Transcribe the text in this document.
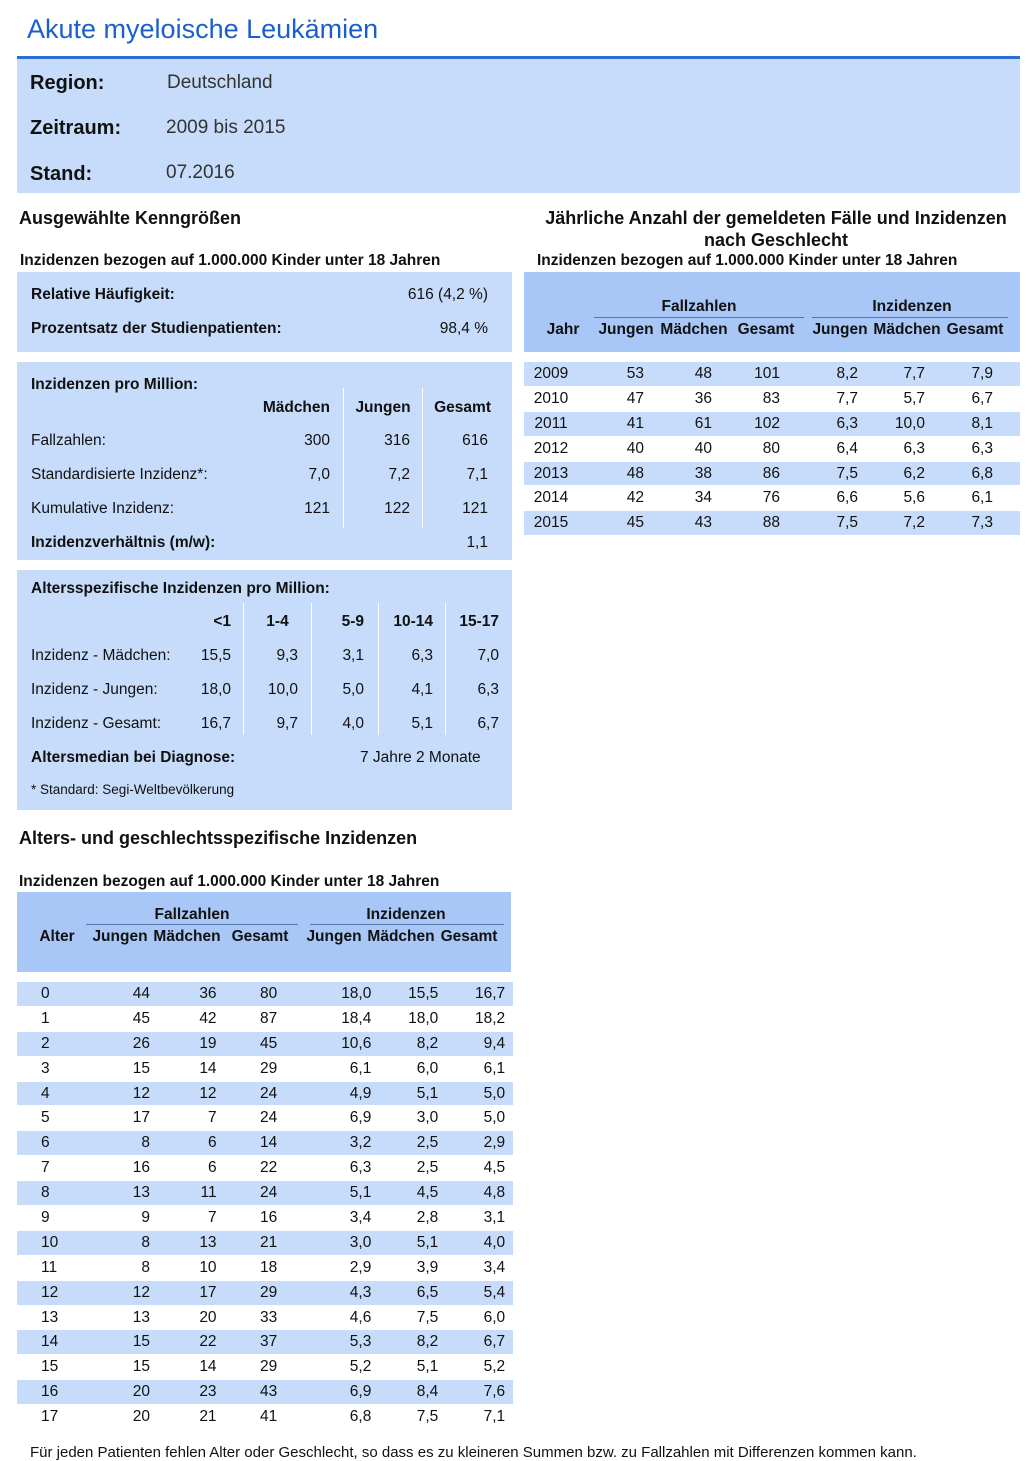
Akute myeloische Leukämien
Region:	Deutschland
Zeitraum: 2009 bis 2015
Stand:	07.2016
Ausgewählte Kenngrößen
Inzidenzen bezogen auf 1.000.000 Kinder unter 18 Jahren
Relative Häufigkeit:	616 (4,2 %)
Prozentsatz der Studienpatienten:	98,4 %
Inzidenzen pro Million:
Mädchen	Jungen	Gesamt
Fallzahlen:	300	316	616
Standardisierte Inzidenz*:	7,0	7,2	7,1
Kumulative Inzidenz:	121	122	121
Inzidenzverhältnis (m/w):	1,1
Altersspezifische Inzidenzen pro Million:
<1	1-4	5-9	10-14	15-17
Inzidenz - Mädchen:	15,5	9,3	3,1	6,3	7,0
Inzidenz - Jungen:	18,0	10,0	5,0	4,1	6,3
Inzidenz - Gesamt:	16,7	9,7	4,0	5,1	6,7
Altersmedian bei Diagnose:	7 Jahre 2 Monate
* Standard: Segi-Weltbevölkerung
Jährliche Anzahl der gemeldeten Fälle und Inzidenzen
nach Geschlecht
Inzidenzen bezogen auf 1.000.000 Kinder unter 18 Jahren
Fallzahlen	Inzidenzen
Jahr	Jungen Mädchen Gesamt	Jungen Mädchen Gesamt
2009	53	48	101	8,2	7,7	7,9	
2010	47	36	83	7,7	5,7	6,7	
2011	41	61	102	6,3	10,0	8,1	
2012	40	40	80	6,4	6,3	6,3	
2013	48	38	86	7,5	6,2	6,8	
2014	42	34	76	6,6	5,6	6,1	
2015	45	43	88	7,5	7,2	7,3	
Alters- und geschlechtsspezifische Inzidenzen
Inzidenzen bezogen auf 1.000.000 Kinder unter 18 Jahren
Fallzahlen	Inzidenzen
Alter	Jungen Mädchen Gesamt	Jungen Mädchen Gesamt
0	44	36	80	18,0	15,5	16,7	
1	45	42	87	18,4	18,0	18,2	
2	26	19	45	10,6	8,2	9,4	
3	15	14	29	6,1	6,0	6,1	
4	12	12	24	4,9	5,1	5,0	
5	17	7	24	6,9	3,0	5,0	
6	8	6	14	3,2	2,5	2,9	
7	16	6	22	6,3	2,5	4,5	
8	13	11	24	5,1	4,5	4,8	
9	9	7	16	3,4	2,8	3,1	
10	8	13	21	3,0	5,1	4,0	
11	8	10	18	2,9	3,9	3,4	
12	12	17	29	4,3	6,5	5,4	
13	13	20	33	4,6	7,5	6,0	
14	15	22	37	5,3	8,2	6,7	
15	15	14	29	5,2	5,1	5,2	
16	20	23	43	6,9	8,4	7,6	
17	20	21	41	6,8	7,5	7,1	
Für jeden Patienten fehlen Alter oder Geschlecht, so dass es zu kleineren Summen bzw. zu Fallzahlen mit Differenzen kommen kann.
